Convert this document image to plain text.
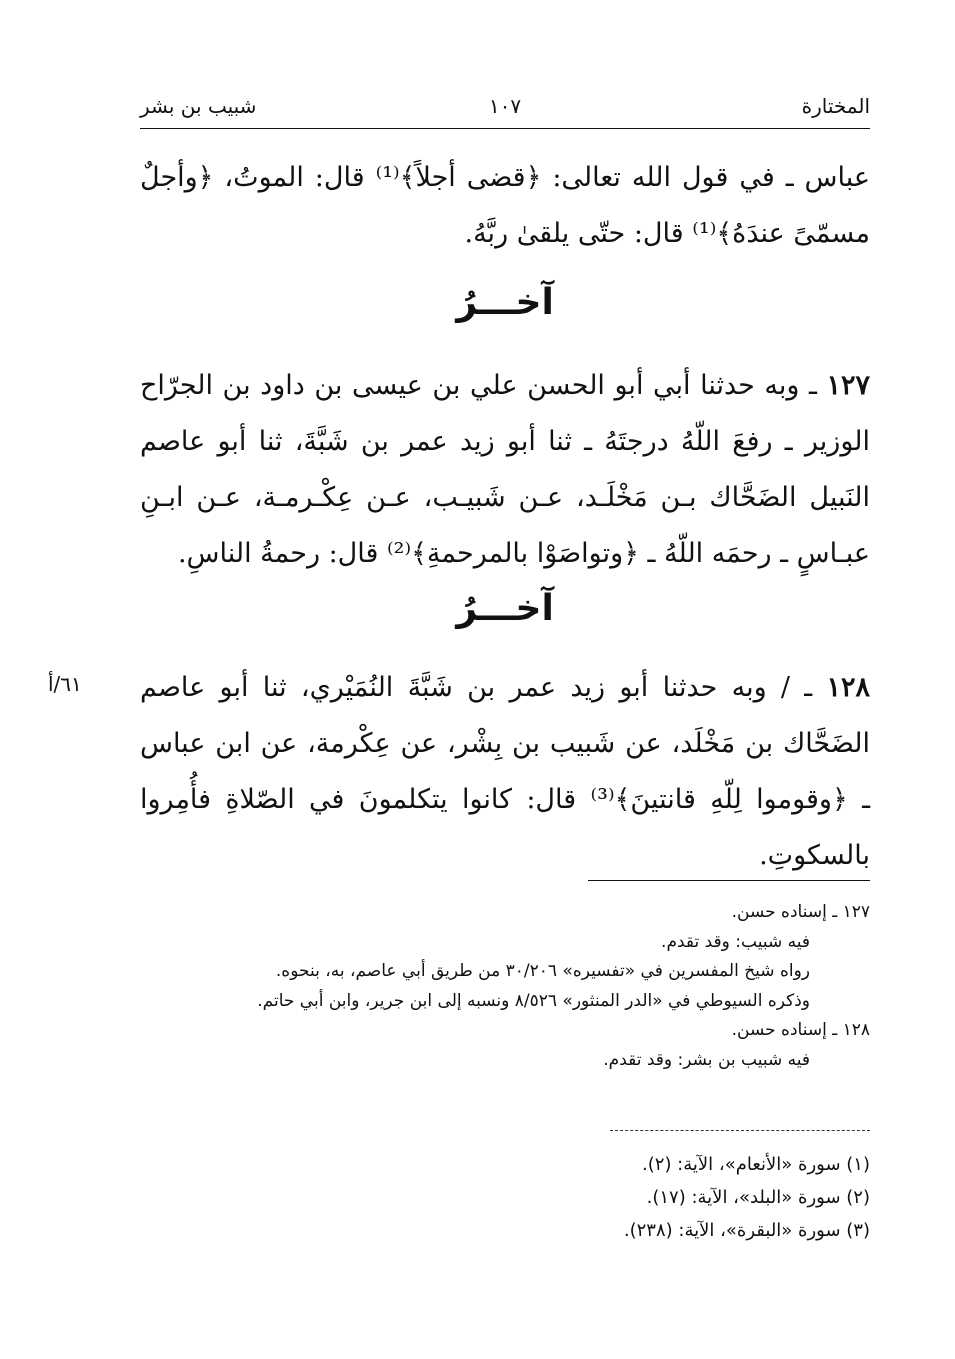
المختارة
١٠٧
شبيب بن بشر
عباس ـ في قول الله تعالى: ﴿قضى أجلاً﴾⁽¹⁾ قال: الموتُ، ﴿وأجلٌ مسمّىً عندَهُ﴾⁽¹⁾ قال: حتّى يلقىٰ ربَّهُ.
آخـــرُ
١٢٧ ـ وبه حدثنا أبي أبو الحسن علي بن عيسى بن داود بن الجرّاح الوزير ـ رفعَ اللّهُ درجتَهُ ـ ثنا أبو زيد عمر بن شَبَّةَ، ثنا أبو عاصم النَبيل الضَحَّاك بـن مَخْلَـد، عـن شَبيـب، عـن عِكْـرمـة، عـن ابـنِ عبـاسٍ ـ رحمَه اللّهُ ـ ﴿وتواصَوْا بالمرحمةِ﴾⁽²⁾ قال: رحمةُ الناسِ.
آخـــرُ
١٢٨ ـ / وبه حدثنا أبو زيد عمر بن شَبَّةَ النُمَيْري، ثنا أبو عاصم الضَحَّاك بن مَخْلَد، عن شَبيب بن بِشْر، عن عِكْرمة، عن ابن عباس ـ ﴿وقوموا لِلّهِ قانتينَ﴾⁽³⁾ قال: كانوا يتكلمونَ في الصّلاةِ فأُمِروا بالسكوتِ.
٦١/أ
١٢٧ ـ إسناده حسن.
فيه شبيب: وقد تقدم.
رواه شيخ المفسرين في «تفسيره» ٣٠/٢٠٦ من طريق أبي عاصم، به، بنحوه.
وذكره السيوطي في «الدر المنثور» ٨/٥٢٦ ونسبه إلى ابن جرير، وابن أبي حاتم.
١٢٨ ـ إسناده حسن.
فيه شبيب بن بشر: وقد تقدم.
(١) سورة «الأنعام»، الآية: (٢).
(٢) سورة «البلد»، الآية: (١٧).
(٣) سورة «البقرة»، الآية: (٢٣٨).
